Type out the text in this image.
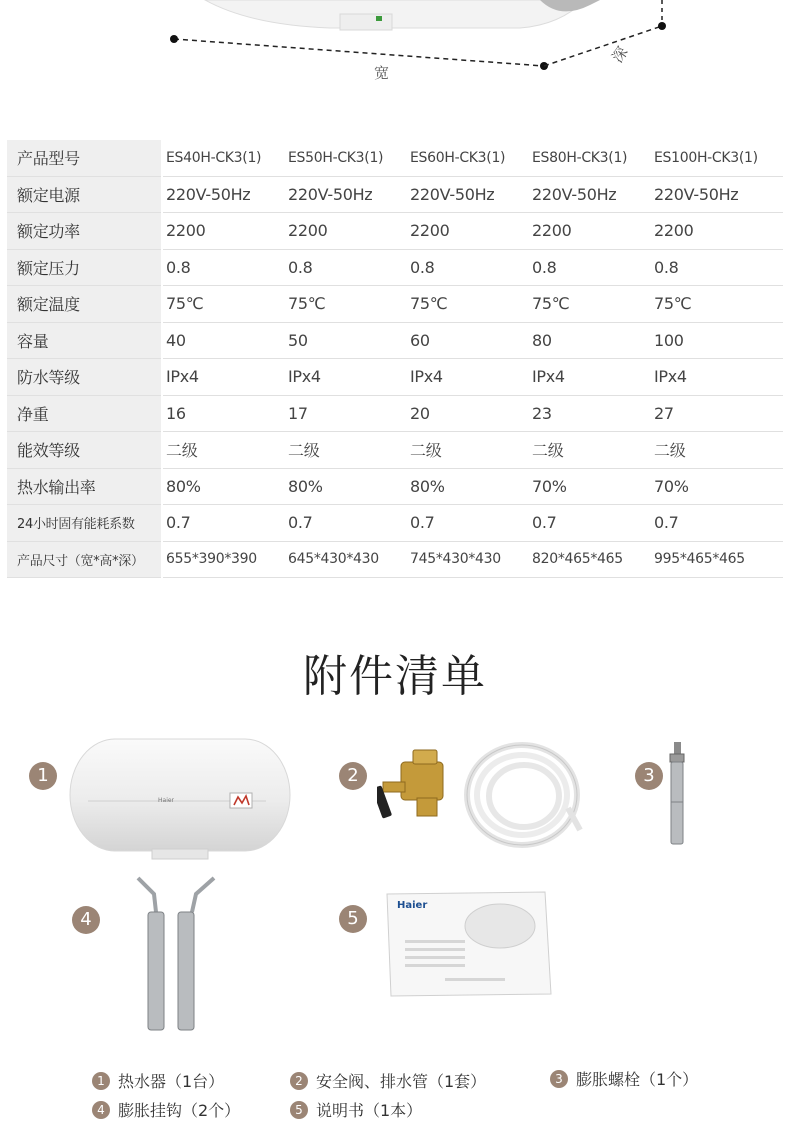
宽
深
产品型号	ES40H-CK3(1)	ES50H-CK3(1)	ES60H-CK3(1)	ES80H-CK3(1)	ES100H-CK3(1)
额定电源	220V-50Hz	220V-50Hz	220V-50Hz	220V-50Hz	220V-50Hz
额定功率	2200	2200	2200	2200	2200
额定压力	0.8	0.8	0.8	0.8	0.8
额定温度	75℃	75℃	75℃	75℃	75℃
容量	40	50	60	80	100
防水等级	IPx4	IPx4	IPx4	IPx4	IPx4
净重	16	17	20	23	27
能效等级	二级	二级	二级	二级	二级
热水输出率	80%	80%	80%	70%	70%
24小时固有能耗系数	0.7	0.7	0.7	0.7	0.7
产品尺寸（宽*高*深）	655*390*390	645*430*430	745*430*430	820*465*465	995*465*465
附件清单
1
Haier
2	3
4	5
Haier
1 热水器（1台）	2 安全阀、排水管（1套）	3 膨胀螺栓（1个）
4 膨胀挂钩（2个）	5 说明书（1本）
